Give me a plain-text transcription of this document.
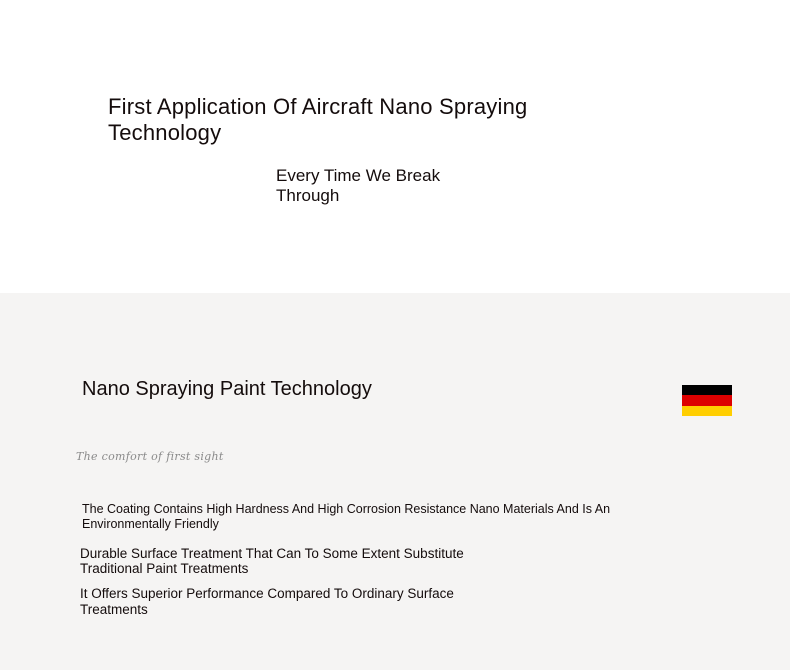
First Application Of Aircraft Nano Spraying Technology
Every Time We Break Through
Nano Spraying Paint Technology

The comfort of first sight

The Coating Contains High Hardness And High Corrosion Resistance Nano Materials And Is An Environmentally Friendly

Durable Surface Treatment That Can To Some Extent Substitute Traditional Paint Treatments

It Offers Superior Performance Compared To Ordinary Surface Treatments
